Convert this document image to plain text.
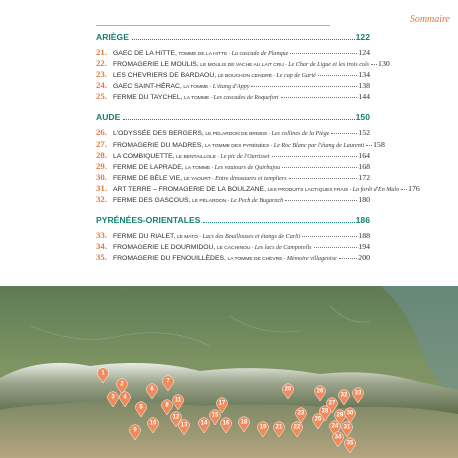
Sommaire
ARIÈGE	122
21. GAEC DE LA HITTE, TOMME DE LA HITTE - La cascade de Planque	124
22. FROMAGERIE LE MOULIS, LE MOULIS DE VACHE AU LAIT CRU - Le Char de Ligue et les trois cols 130
23. LES CHEVRIERS DE BARDAOU, LE BOUCHON CENDRÉ - Le cap de Garié	134
24. GAEC SAINT-HÉRAC, LA TOMME - L'étang d'Appy	138
25. FERME DU TAYCHEL, LA TOMME - Les cascades de Roquefort	144
AUDE	150
26. L'ODYSSÉE DES BERGERS, LE PÉLARDON DE BREBIS - Les collines de la Piège	152
27. FROMAGERIE DU MADRES, LA TOMME DES PYRÉNÉES - Le Roc Blanc par l'étang de Laurenti 158
28. LA COMBIQUETTE, LE BENTAILLOLE - Le pic de l'Ourtisset	164
29. FERME DE LAPRADE, LA TOMME - Les vautours de Quirbajou	168
30. FERME DE BÈLE VIE, LE YAOURT - Entre dinosaures et templiers	172
31. ART TERRE – FROMAGERIE DE LA BOULZANE, LES PRODUITS LACTIQUES FRAIS - La forêt d'En Malo 176
32. FERME DES GASCOUS, LE PÉLARDON - Le Pech de Bugarach	180
PYRÉNÉES-ORIENTALES	186
33. FERME DU RIALET, LE MATÓ - Lacs des Bouillouses et étangs de Carlit	188
34. FROMAGERIE LE DOURMIDOU, LE CACHINOU - Les lacs de Camporells	194
35. FROMAGERIE DU FENOUILLÈDES, LA TOMME DE CHÈVRE - Mémoire villageoise	200
1
2
3 4
5
6
7
8
9
10
11
12
13 14
15
16
17
18
19
20
21 22
23
24
25
26
27
28
29 30
31
32 33
34
35
